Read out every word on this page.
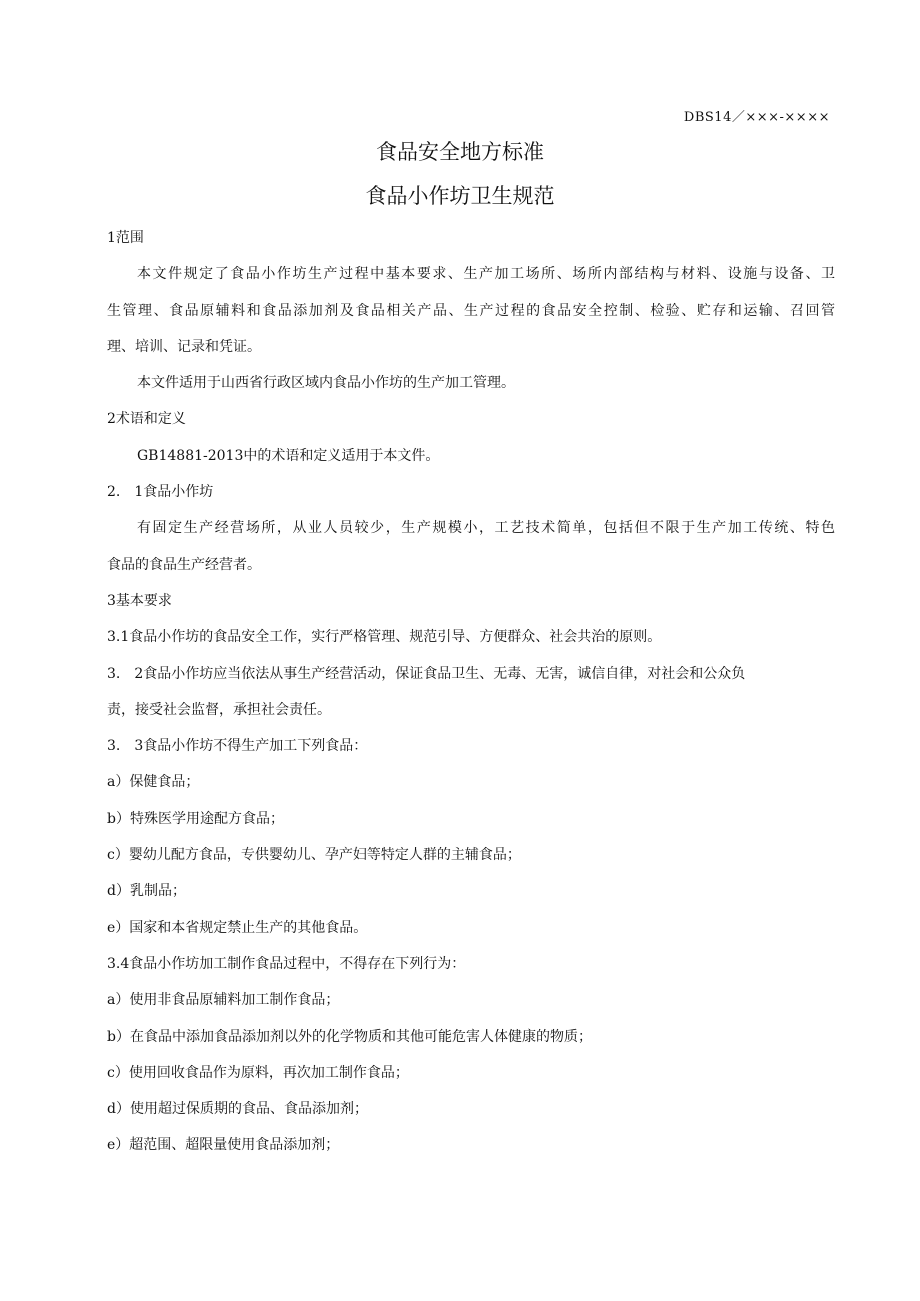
DBS14／×××-××××
食品安全地方标准
食品小作坊卫生规范
1范围
本文件规定了食品小作坊生产过程中基本要求、生产加工场所、场所内部结构与材料、设施与设备、卫
生管理、食品原辅料和食品添加剂及食品相关产品、生产过程的食品安全控制、检验、贮存和运输、召回管
理、培训、记录和凭证。
本文件适用于山西省行政区域内食品小作坊的生产加工管理。
2术语和定义
GB14881-2013中的术语和定义适用于本文件。
2.　1食品小作坊
有固定生产经营场所，从业人员较少，生产规模小，工艺技术简单，包括但不限于生产加工传统、特色
食品的食品生产经营者。
3基本要求
3.1食品小作坊的食品安全工作，实行严格管理、规范引导、方便群众、社会共治的原则。
3.　2食品小作坊应当依法从事生产经营活动，保证食品卫生、无毒、无害，诚信自律，对社会和公众负
责，接受社会监督，承担社会责任。
3.　3食品小作坊不得生产加工下列食品：
a）保健食品；
b）特殊医学用途配方食品；
c）婴幼儿配方食品，专供婴幼儿、孕产妇等特定人群的主辅食品；
d）乳制品；
e）国家和本省规定禁止生产的其他食品。
3.4食品小作坊加工制作食品过程中，不得存在下列行为：
a）使用非食品原辅料加工制作食品；
b）在食品中添加食品添加剂以外的化学物质和其他可能危害人体健康的物质；
c）使用回收食品作为原料，再次加工制作食品；
d）使用超过保质期的食品、食品添加剂；
e）超范围、超限量使用食品添加剂；
